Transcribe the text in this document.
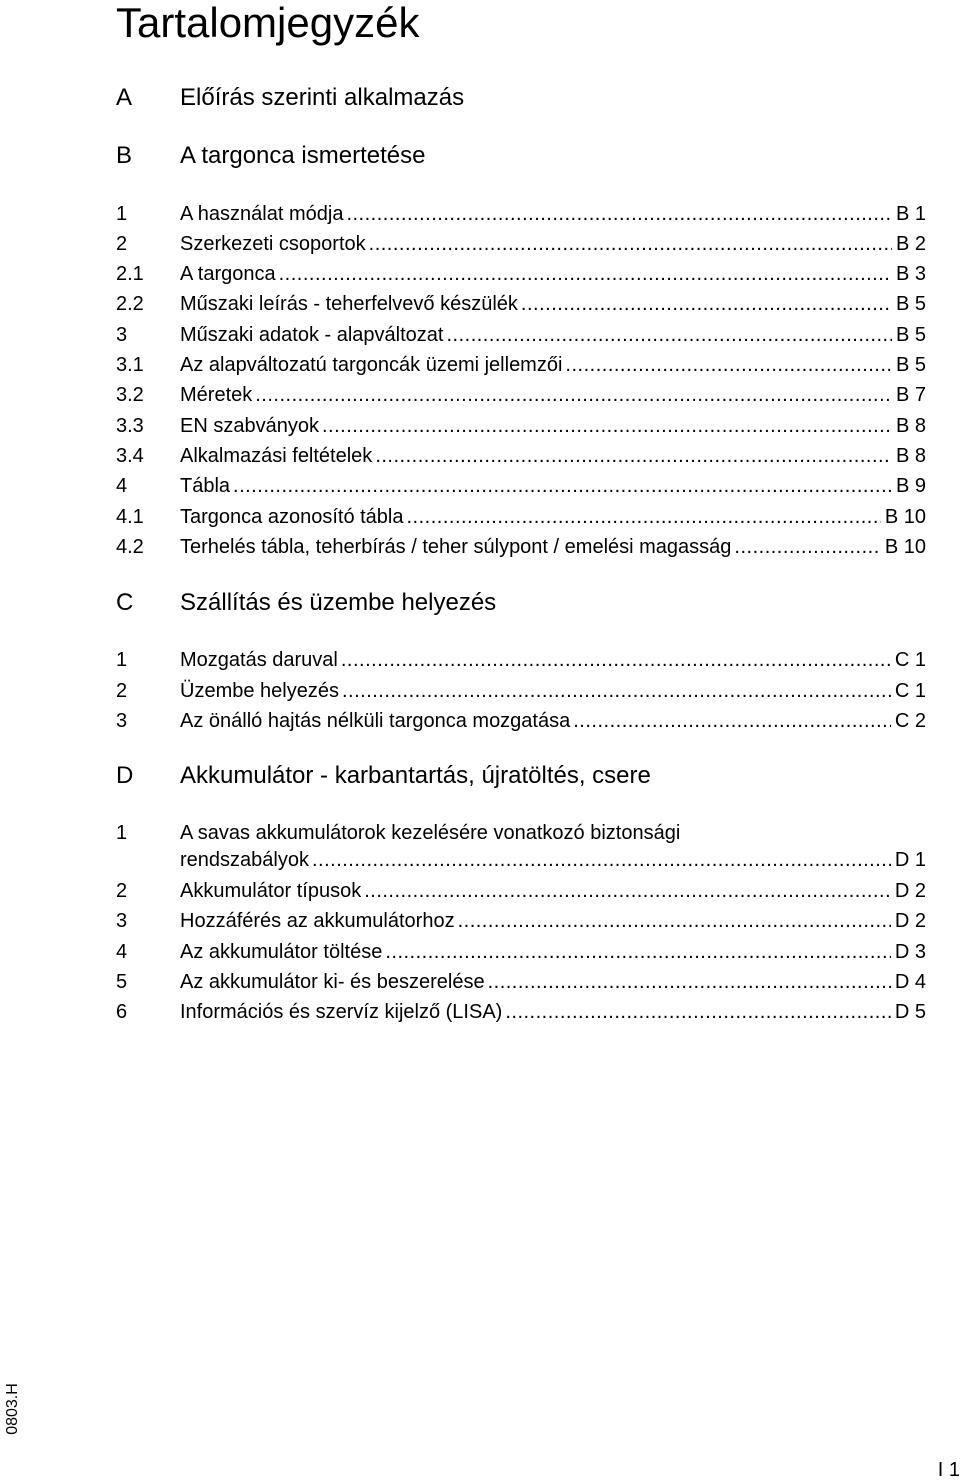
Tartalomjegyzék
A Előírás szerinti alkalmazás
B A targonca ismertetése
1	A használat módja .....	B 1
2	Szerkezeti csoportok .....	B 2
2.1 A targonca .....	B 3
2.2 Műszaki leírás - teherfelvevő készülék .....	B 5
3	Műszaki adatok - alapváltozat .....	B 5
3.1 Az alapváltozatú targoncák üzemi jellemzői .....	B 5
3.2 Méretek .....	B 7
3.3 EN szabványok .....	B 8
3.4 Alkalmazási feltételek .....	B 8
4	Tábla .....	B 9
4.1 Targonca azonosító tábla .....	B 10
4.2 Terhelés tábla, teherbírás / teher súlypont / emelési magasság .....	B 10
C Szállítás és üzembe helyezés
1	Mozgatás daruval .....	C 1
2	Üzembe helyezés .....	C 1
3	Az önálló hajtás nélküli targonca mozgatása .....	C 2
D Akkumulátor - karbantartás, újratöltés, csere
1	A savas akkumulátorok kezelésére vonatkozó biztonsági
rendszabályok .....	D 1
2	Akkumulátor típusok .....	D 2
3	Hozzáférés az akkumulátorhoz .....	D 2
4	Az akkumulátor töltése .....	D 3
5	Az akkumulátor ki- és beszerelése .....	D 4
6	Információs és szervíz kijelző (LISA) .....	D 5
0803.H
I 1
